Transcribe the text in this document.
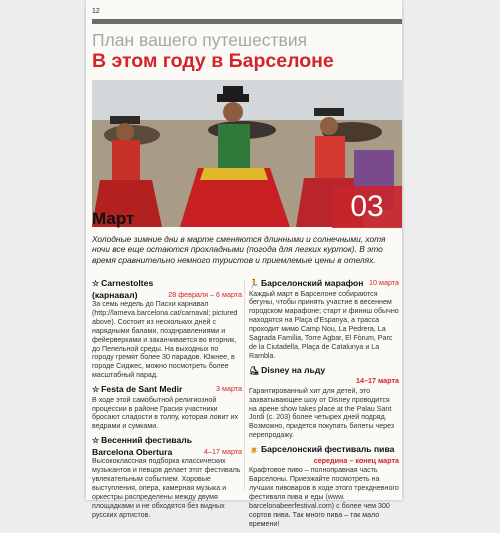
12
План вашего путешествия
В этом году в Барселоне
03
Март
Холодные зимние дни в марте сменяются длинными и солнечными, хотя ночи все еще остаются прохладными (погода для легких курток). В это время сравнительно немного туристов и приемлемые цены в отелях.
☆ Carnestoltes
28 февраля – 6 марта
(карнавал)
За семь недель до Пасхи карнавал (http://lameva.barcelona.cat/carnaval; pictured above). Состоит из нескольких дней с нарядными балами, позднравлениями и фейерверками и заканчивается во вторник, до Пепельной среды. На выходных по городу гремят более 30 парадов. Южнее, в городе Сиджес, можно посмотреть более масштабный парад.
3 марта
☆ Festa de Sant Medir
В ходе этой самобытной религиозной процессии в районе Грасия участники бросают сладости в толпу, которая ловит их ведрами и сумками.
☆ Весенний фестиваль
4–17 марта
Barcelona Obertura
Высококлассная подборка классических музыкантов и певцов делает этот фестиваль увлекательным событием. Хоровые выступления, опера, камерная музыка и оркестры распределены между двумя площадками и не обходятся без видных русских артистов.
10 марта
🏃 Барселонский марафон
Каждый март в Барселоне собираются бегуны, чтобы принять участие в весеннем городском марафоне; старт и финиш обычно находятся на Plaça d'Espanya, а трасса проходит мимо Camp Nou, La Pedrera, La Sagrada Família, Torre Agbar, El Fòrum, Parc de la Ciutadella, Plaça de Catalunya и La Rambla.
⛸ Disney на льду
14–17 марта

Гарантированный хит для детей, это захватывающее шоу от Disney проводится на арене show takes place at the Palau Sant Jordi (с. 203) более четырех дней подряд. Возможно, придется покупать билеты через перепродажу.
🍺 Барселонский фестиваль пива
середина – конец марта

Крафтовое пиво – полноправная часть Барселоны. Приезжайте посмотреть на лучших пивоваров в ходе этого трехдневного фестиваля пива и еды (www. barcelonabeerfestival.com) с более чем 300 сортов пива. Так много пива – так мало времени!
